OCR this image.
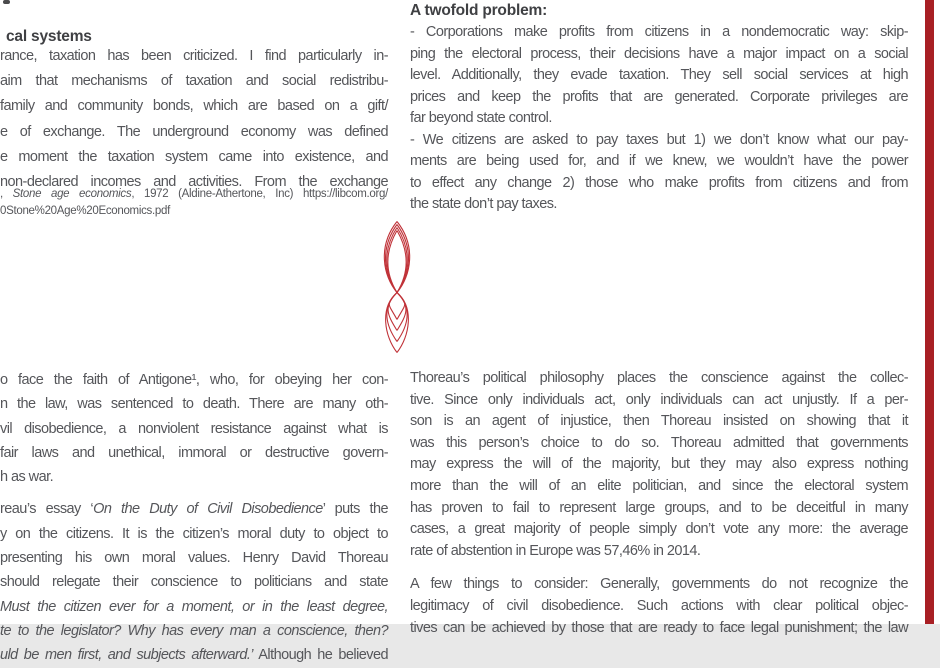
cal systems
rance, taxation has been criticized. I find particularly in-
aim that mechanisms of taxation and social redistribu-
family and community bonds, which are based on a gift/
e of exchange. The underground economy was defined
e moment the taxation system came into existence, and
non-declared incomes and activities. From the exchange
, Stone age economics, 1972 (Aldine-Athertone, Inc) https://libcom.org/
0Stone%20Age%20Economics.pdf
A twofold problem:
- Corporations make profits from citizens in a nondemocratic way: skip-
ping the electoral process, their decisions have a major impact on a social
level. Additionally, they evade taxation. They sell social services at high
prices and keep the profits that are generated. Corporate privileges are
far beyond state control.
- We citizens are asked to pay taxes but 1) we don’t know what our pay-
ments are being used for, and if we knew, we wouldn’t have the power
to effect any change 2) those who make profits from citizens and from
the state don’t pay taxes.
o face the faith of Antigone¹, who, for obeying her con-
n the law, was sentenced to death. There are many oth-
vil disobedience, a nonviolent resistance against what is
fair laws and unethical, immoral or destructive govern-
h as war.
reau’s essay ‘On the Duty of Civil Disobedience’ puts the
y on the citizens. It is the citizen’s moral duty to object to
presenting his own moral values. Henry David Thoreau
should relegate their conscience to politicians and state
Must the citizen ever for a moment, or in the least degree,
te to the legislator? Why has every man a conscience, then?
uld be men first, and subjects afterward.’ Although he believed
Thoreau’s political philosophy places the conscience against the collec-
tive. Since only individuals act, only individuals can act unjustly. If a per-
son is an agent of injustice, then Thoreau insisted on showing that it
was this person’s choice to do so. Thoreau admitted that governments
may express the will of the majority, but they may also express nothing
more than the will of an elite politician, and since the electoral system
has proven to fail to represent large groups, and to be deceitful in many
cases, a great majority of people simply don’t vote any more: the average
rate of abstention in Europe was 57,46% in 2014.
A few things to consider: Generally, governments do not recognize the
legitimacy of civil disobedience. Such actions with clear political objec-
tives can be achieved by those that are ready to face legal punishment; the law
